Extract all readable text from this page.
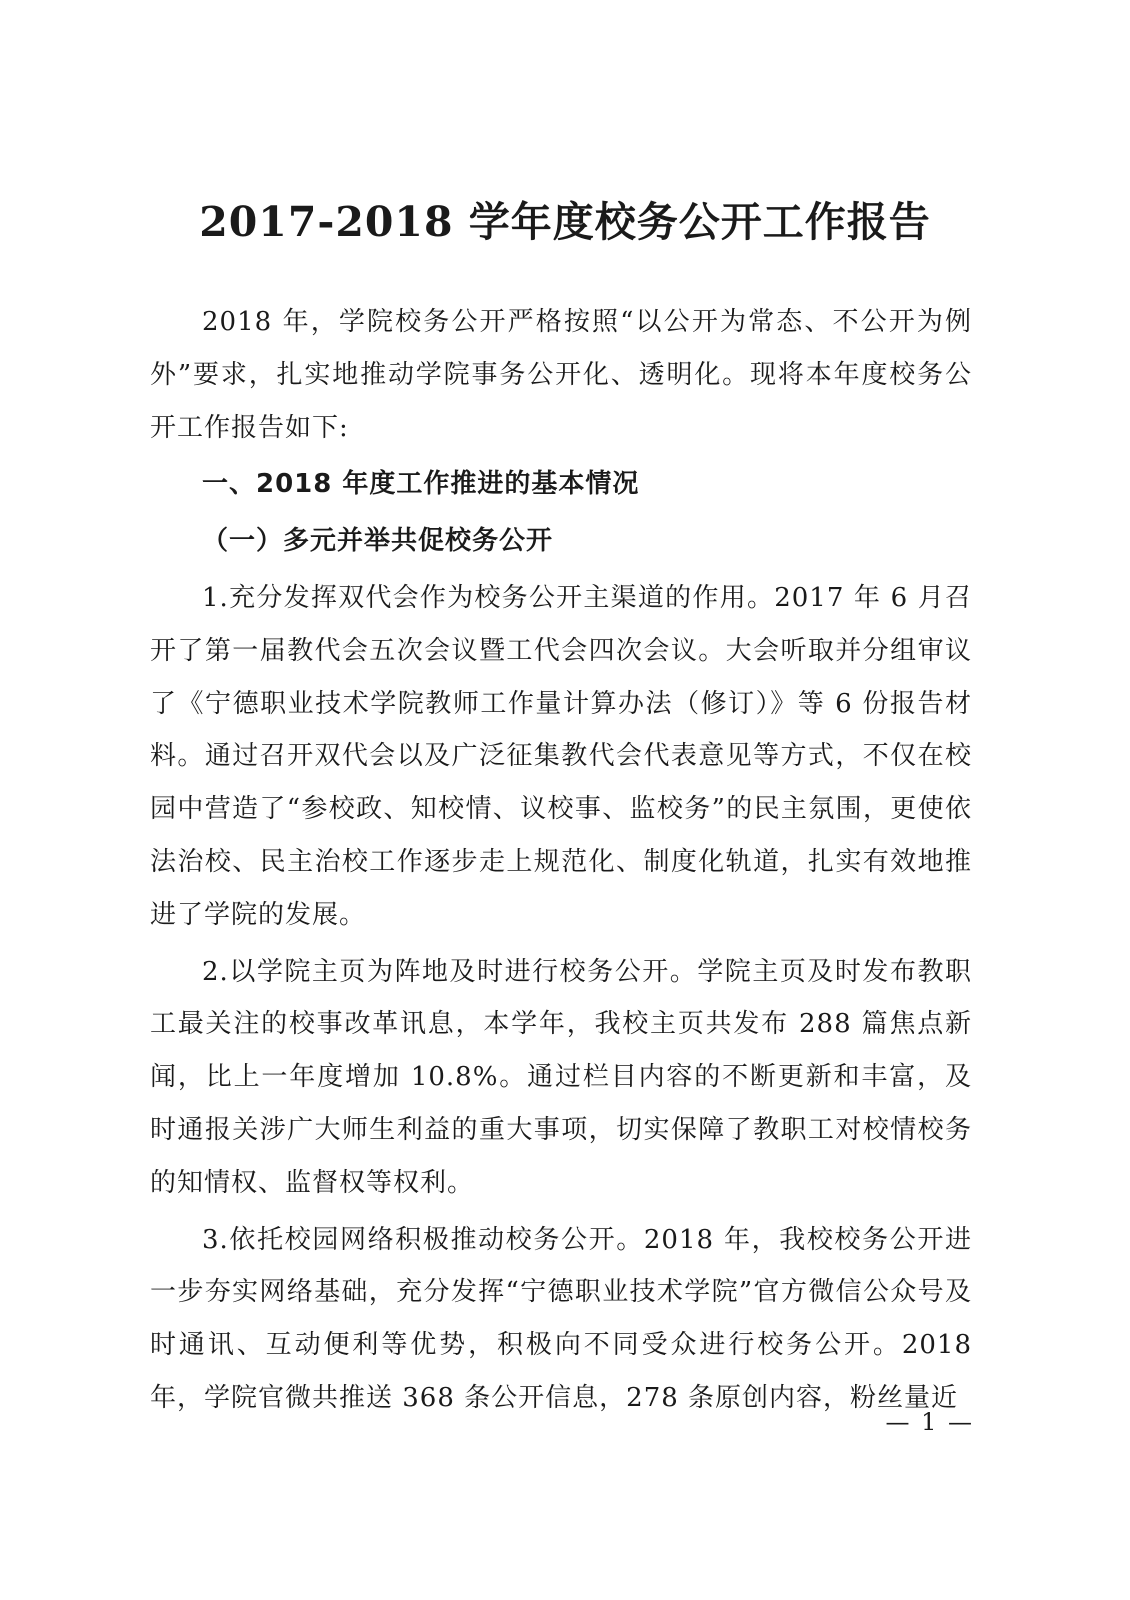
2017-2018 学年度校务公开工作报告

2018 年，学院校务公开严格按照“以公开为常态、不公开为例外”要求，扎实地推动学院事务公开化、透明化。现将本年度校务公开工作报告如下:

一、2018 年度工作推进的基本情况

（一）多元并举共促校务公开

1.充分发挥双代会作为校务公开主渠道的作用。2017 年 6 月召开了第一届教代会五次会议暨工代会四次会议。大会听取并分组审议了《宁德职业技术学院教师工作量计算办法（修订）》等 6 份报告材料。通过召开双代会以及广泛征集教代会代表意见等方式，不仅在校园中营造了“参校政、知校情、议校事、监校务”的民主氛围，更使依法治校、民主治校工作逐步走上规范化、制度化轨道，扎实有效地推进了学院的发展。

2.以学院主页为阵地及时进行校务公开。学院主页及时发布教职工最关注的校事改革讯息，本学年，我校主页共发布 288 篇焦点新闻，比上一年度增加 10.8%。通过栏目内容的不断更新和丰富，及时通报关涉广大师生利益的重大事项，切实保障了教职工对校情校务的知情权、监督权等权利。

3.依托校园网络积极推动校务公开。2018 年，我校校务公开进一步夯实网络基础，充分发挥“宁德职业技术学院”官方微信公众号及时通讯、互动便利等优势，积极向不同受众进行校务公开。2018 年，学院官微共推送 368 条公开信息，278 条原创内容，粉丝量近

— 1 —
